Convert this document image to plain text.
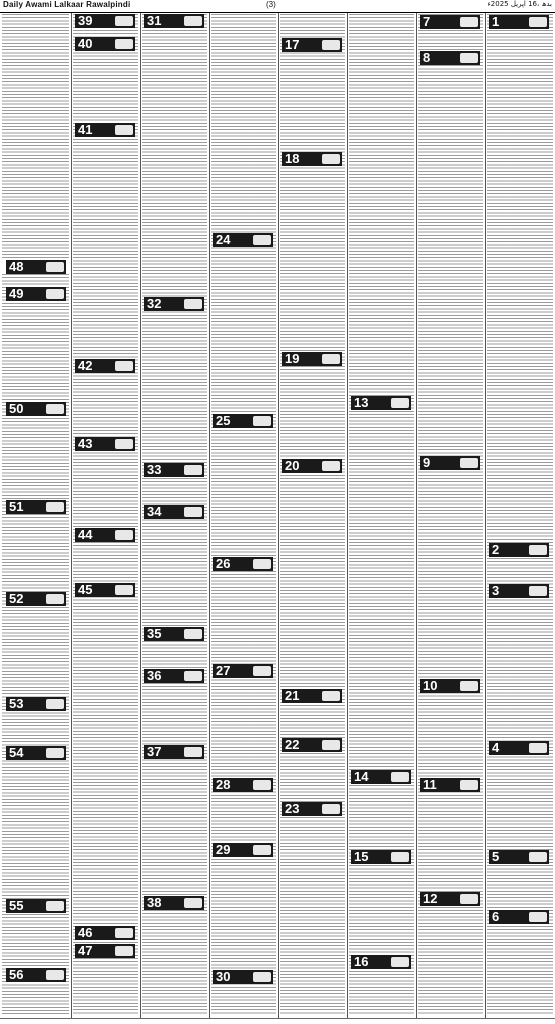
Daily Awami Lalkaar Rawalpindi	(3)	بدھ ،16 اپریل 2025ء
1
2
3
4
5
6
7
8
9
10
11
12
13
14
15
16
17
18
19
20
21
22
23
24
25
26
27
28
29
30
31
32
33
34
35
36
37
38
39
40
41
42
43
44
45
46
47
48
49
50
51
52
53
54
55
56
